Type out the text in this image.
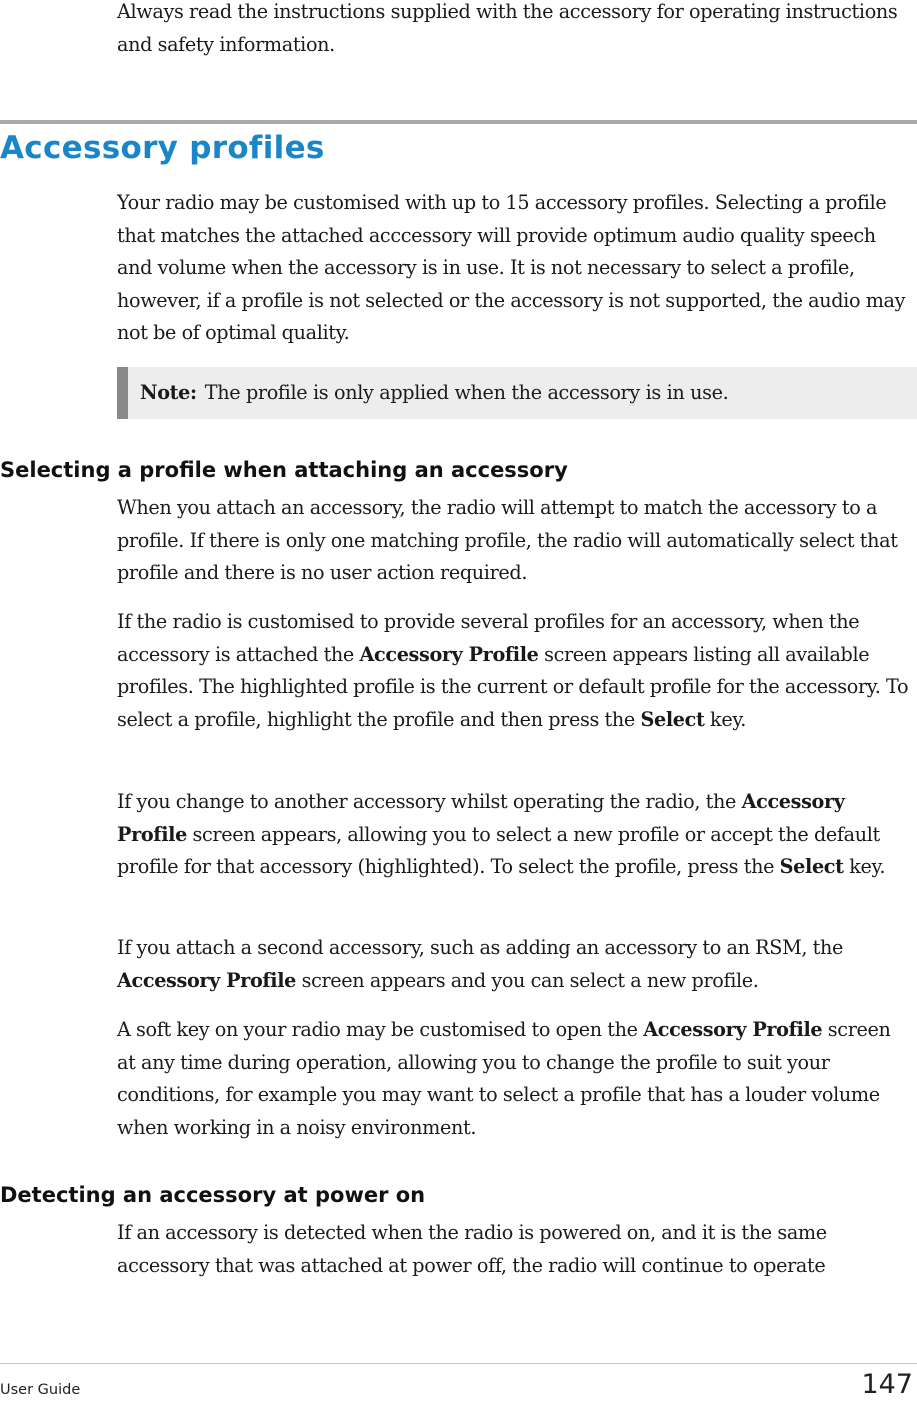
Always read the instructions supplied with the accessory for operating instructions and safety information.

Accessory profiles

Your radio may be customised with up to 15 accessory profiles. Selecting a profile that matches the attached acccessory will provide optimum audio quality speech and volume when the accessory is in use. It is not necessary to select a profile, however, if a profile is not selected or the accessory is not supported, the audio may not be of optimal quality.

Note: The profile is only applied when the accessory is in use.

Selecting a profile when attaching an accessory

When you attach an accessory, the radio will attempt to match the accessory to a profile. If there is only one matching profile, the radio will automatically select that profile and there is no user action required.

If the radio is customised to provide several profiles for an accessory, when the accessory is attached the Accessory Profile screen appears listing all available profiles. The highlighted profile is the current or default profile for the accessory. To select a profile, highlight the profile and then press the Select key.

If you change to another accessory whilst operating the radio, the Accessory Profile screen appears, allowing you to select a new profile or accept the default profile for that accessory (highlighted). To select the profile, press the Select key.

If you attach a second accessory, such as adding an accessory to an RSM, the Accessory Profile screen appears and you can select a new profile.

A soft key on your radio may be customised to open the Accessory Profile screen at any time during operation, allowing you to change the profile to suit your conditions, for example you may want to select a profile that has a louder volume when working in a noisy environment.

Detecting an accessory at power on

If an accessory is detected when the radio is powered on, and it is the same accessory that was attached at power off, the radio will continue to operate

User Guide	147
